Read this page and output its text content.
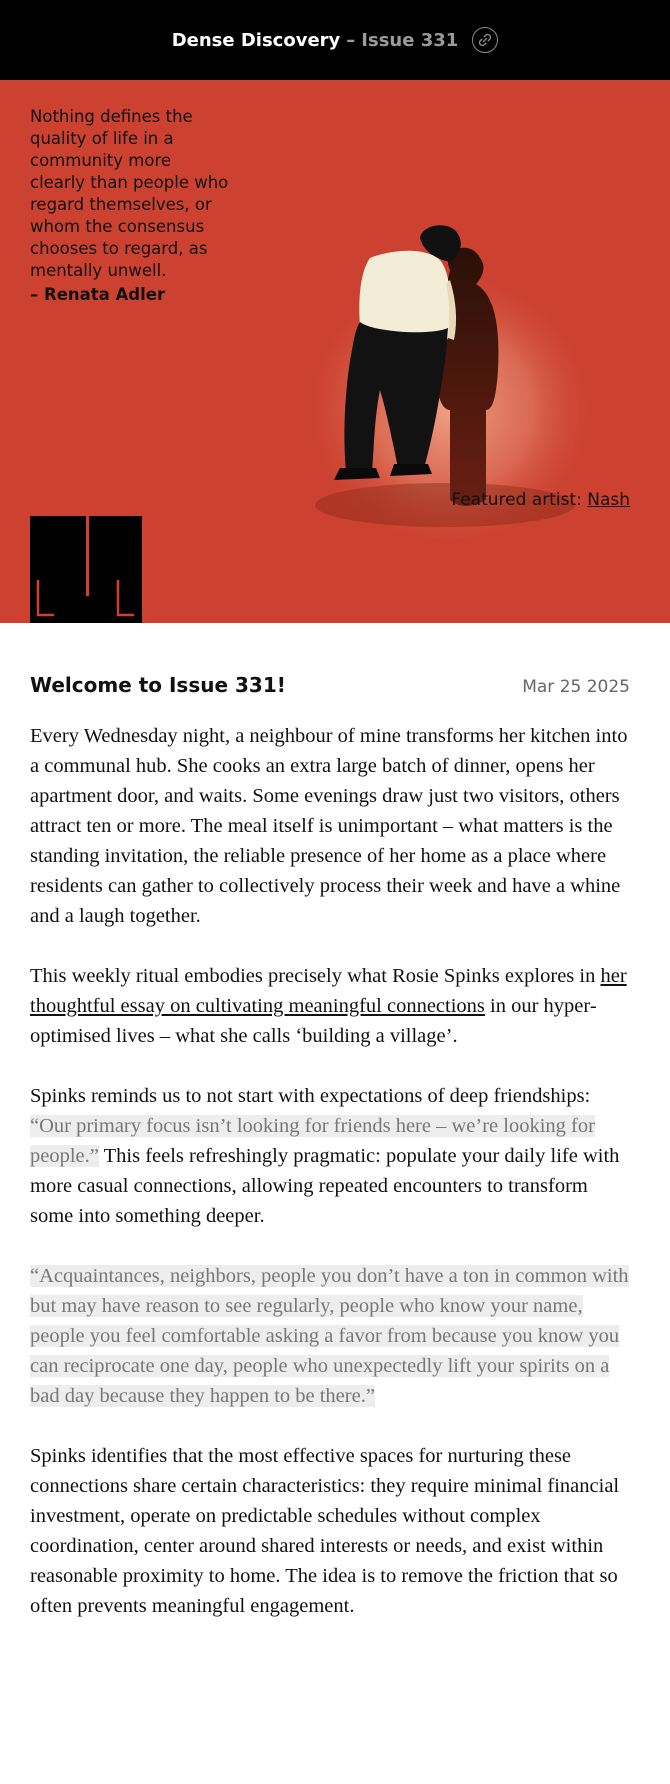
Dense Discovery – Issue 331
Nothing defines the quality of life in a community more clearly than people who regard themselves, or whom the consensus chooses to regard, as mentally unwell.
– Renata Adler
Featured artist: Nash
Welcome to Issue 331!	Mar 25 2025

Every Wednesday night, a neighbour of mine transforms her kitchen into a communal hub. She cooks an extra large batch of dinner, opens her apartment door, and waits. Some evenings draw just two visitors, others attract ten or more. The meal itself is unimportant – what matters is the standing invitation, the reliable presence of her home as a place where residents can gather to collectively process their week and have a whine and a laugh together.

This weekly ritual embodies precisely what Rosie Spinks explores in her thoughtful essay on cultivating meaningful connections in our hyper-optimised lives – what she calls ‘building a village’.

Spinks reminds us to not start with expectations of deep friendships: “Our primary focus isn’t looking for friends here – we’re looking for people.” This feels refreshingly pragmatic: populate your daily life with more casual connections, allowing repeated encounters to transform some into something deeper.

“Acquaintances, neighbors, people you don’t have a ton in common with but may have reason to see regularly, people who know your name, people you feel comfortable asking a favor from because you know you can reciprocate one day, people who unexpectedly lift your spirits on a bad day because they happen to be there.”

Spinks identifies that the most effective spaces for nurturing these connections share certain characteristics: they require minimal financial investment, operate on predictable schedules without complex coordination, center around shared interests or needs, and exist within reasonable proximity to home. The idea is to remove the friction that so often prevents meaningful engagement.
